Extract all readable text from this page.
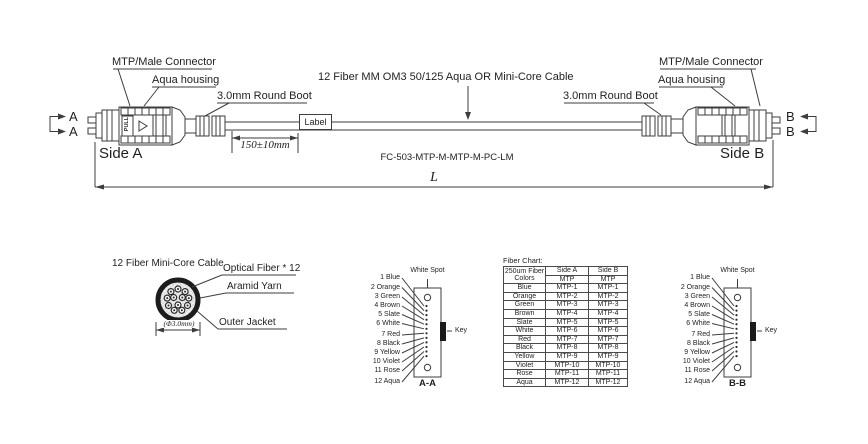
MTP/Male Connector
Aqua housing
3.0mm Round Boot
12 Fiber MM OM3 50/125 Aqua OR Mini-Core Cable
3.0mm Round Boot
Aqua housing
MTP/Male Connector
A
A
B
B
PULL	Label
150±10mm
Side A	Side B
FC-503-MTP-M-MTP-M-PC-LM
L
12 Fiber Mini-Core Cable Optical Fiber * 12
Aramid Yarn
Outer Jacket
(Φ3.0mm)
White Spot
Key
A-A
1 Blue
2 Orange
3 Green
4 Brown
5 Slate
6 White
7 Red
8 Black
9 Yellow
10 Violet
11 Rose
12 Aqua
White Spot
Key
B-B
1 Blue
2 Orange
3 Green
4 Brown
5 Slate
6 White
7 Red
8 Black
9 Yellow
10 Violet
11 Rose
12 Aqua
Fiber Chart:
250um Fiber
Colors	Side A	Side B
	MTP	MTP
Blue	MTP-1	MTP-1
Orange	MTP-2	MTP-2
Green	MTP-3	MTP-3
Brown	MTP-4	MTP-4
Slate	MTP-5	MTP-5
White	MTP-6	MTP-6
Red	MTP-7	MTP-7
Black	MTP-8	MTP-8
Yellow	MTP-9	MTP-9
Violet	MTP-10	MTP-10
Rose	MTP-11	MTP-11
Aqua	MTP-12	MTP-12
